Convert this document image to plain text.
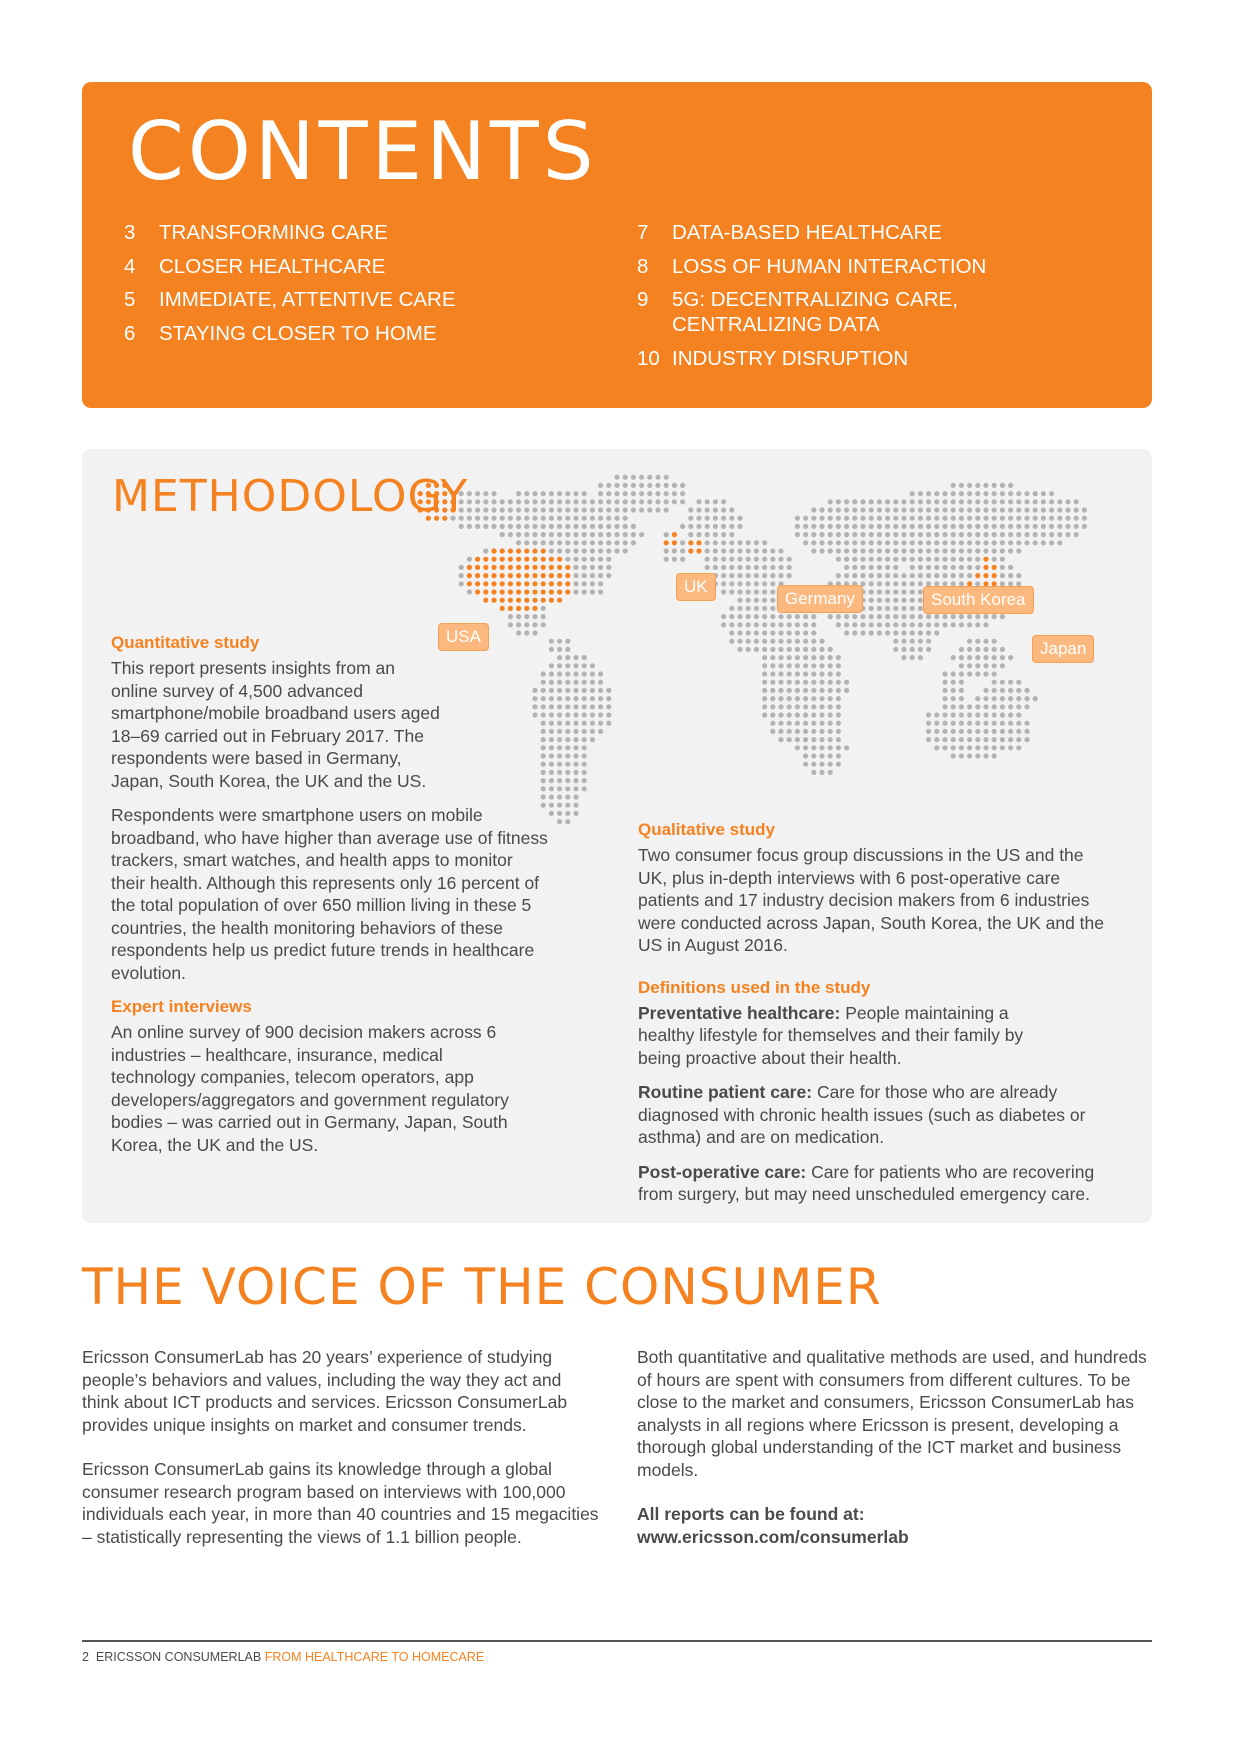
CONTENTS
3	TRANSFORMING CARE
4	CLOSER HEALTHCARE
5	IMMEDIATE, ATTENTIVE CARE
6	STAYING CLOSER TO HOME
7	DATA-BASED HEALTHCARE
8	LOSS OF HUMAN INTERACTION
9	5G: DECENTRALIZING CARE, CENTRALIZING DATA
10 INDUSTRY DISRUPTION
METHODOLOGY
USA
UK
Germany	South Korea
Japan

Quantitative study

This report presents insights from an online survey of 4,500 advanced smartphone/mobile broadband users aged 18–69 carried out in February 2017. The respondents were based in Germany, Japan, South Korea, the UK and the US.

Respondents were smartphone users on mobile broadband, who have higher than average use of fitness trackers, smart watches, and health apps to monitor their health. Although this represents only 16 percent of the total population of over 650 million living in these 5 countries, the health monitoring behaviors of these respondents help us predict future trends in healthcare evolution.

Expert interviews

An online survey of 900 decision makers across 6 industries – healthcare, insurance, medical technology companies, telecom operators, app developers/aggregators and government regulatory bodies – was carried out in Germany, Japan, South Korea, the UK and the US.

Qualitative study

Two consumer focus group discussions in the US and the UK, plus in-depth interviews with 6 post-operative care patients and 17 industry decision makers from 6 industries were conducted across Japan, South Korea, the UK and the US in August 2016.

Definitions used in the study

Preventative healthcare: People maintaining a healthy lifestyle for themselves and their family by being proactive about their health.

Routine patient care: Care for those who are already diagnosed with chronic health issues (such as diabetes or asthma) and are on medication.

Post-operative care: Care for patients who are recovering from surgery, but may need unscheduled emergency care.

THE VOICE OF THE CONSUMER

Ericsson ConsumerLab has 20 years’ experience of studying people’s behaviors and values, including the way they act and think about ICT products and services. Ericsson ConsumerLab provides unique insights on market and consumer trends.

Ericsson ConsumerLab gains its knowledge through a global consumer research program based on interviews with 100,000 individuals each year, in more than 40 countries and 15 megacities – statistically representing the views of 1.1 billion people.

Both quantitative and qualitative methods are used, and hundreds of hours are spent with consumers from different cultures. To be close to the market and consumers, Ericsson ConsumerLab has analysts in all regions where Ericsson is present, developing a thorough global understanding of the ICT market and business models.

All reports can be found at:

www.ericsson.com/consumerlab

2 ERICSSON CONSUMERLAB FROM HEALTHCARE TO HOMECARE
